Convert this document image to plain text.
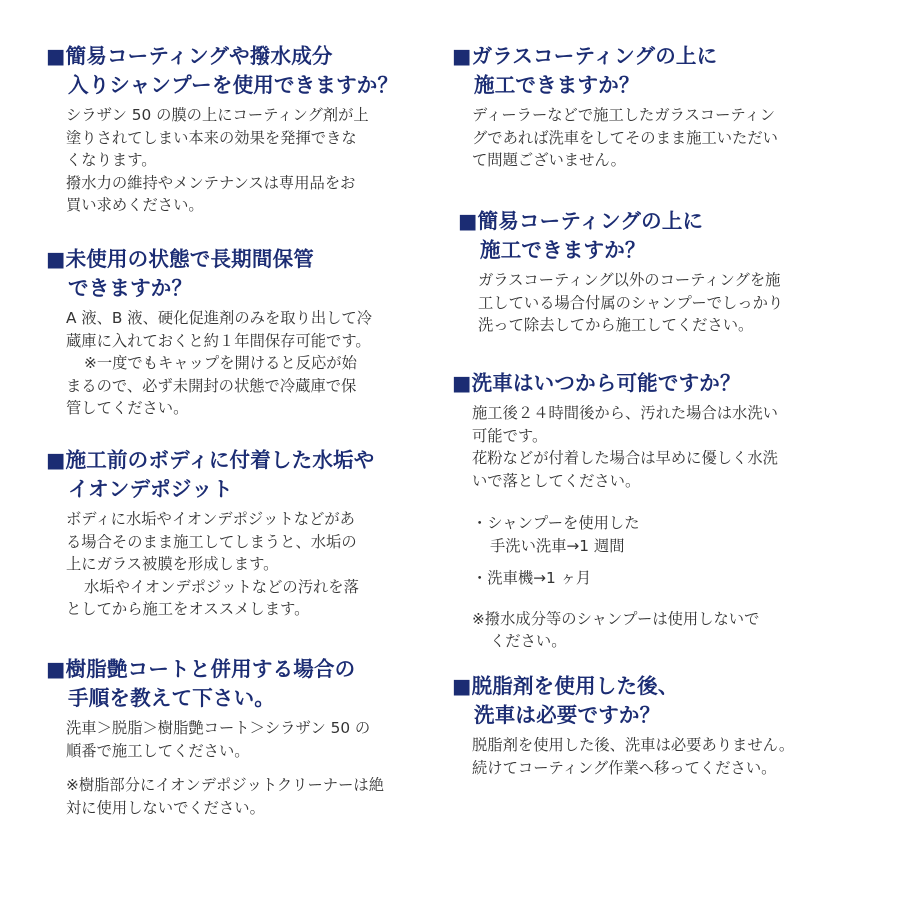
■簡易コーティングや撥水成分
入りシャンプーを使用できますか？
シラザン 50 の膜の上にコーティング剤が上
塗りされてしまい本来の効果を発揮できな
くなります。
撥水力の維持やメンテナンスは専用品をお
買い求めください。
■未使用の状態で長期間保管
できますか？
A 液、B 液、硬化促進剤のみを取り出して冷
蔵庫に入れておくと約１年間保存可能です。
※一度でもキャップを開けると反応が始
まるので、必ず未開封の状態で冷蔵庫で保
管してください。
■施工前のボディに付着した水垢や
イオンデポジット
ボディに水垢やイオンデポジットなどがあ
る場合そのまま施工してしまうと、水垢の
上にガラス被膜を形成します。
水垢やイオンデポジットなどの汚れを落
としてから施工をオススメします。
■樹脂艶コートと併用する場合の
手順を教えて下さい。
洗車＞脱脂＞樹脂艶コート＞シラザン 50 の
順番で施工してください。
※樹脂部分にイオンデポジットクリーナーは絶
対に使用しないでください。
■ガラスコーティングの上に
施工できますか？
ディーラーなどで施工したガラスコーティン
グであれば洗車をしてそのまま施工いただい
て問題ございません。
■簡易コーティングの上に
施工できますか？
ガラスコーティング以外のコーティングを施
工している場合付属のシャンプーでしっかり
洗って除去してから施工してください。
■洗車はいつから可能ですか？
施工後２４時間後から、汚れた場合は水洗い
可能です。
花粉などが付着した場合は早めに優しく水洗
いで落としてください。
・シャンプーを使用した
手洗い洗車→1 週間
・洗車機→1 ヶ月
※撥水成分等のシャンプーは使用しないで
ください。
■脱脂剤を使用した後、
洗車は必要ですか？
脱脂剤を使用した後、洗車は必要ありません。
続けてコーティング作業へ移ってください。
